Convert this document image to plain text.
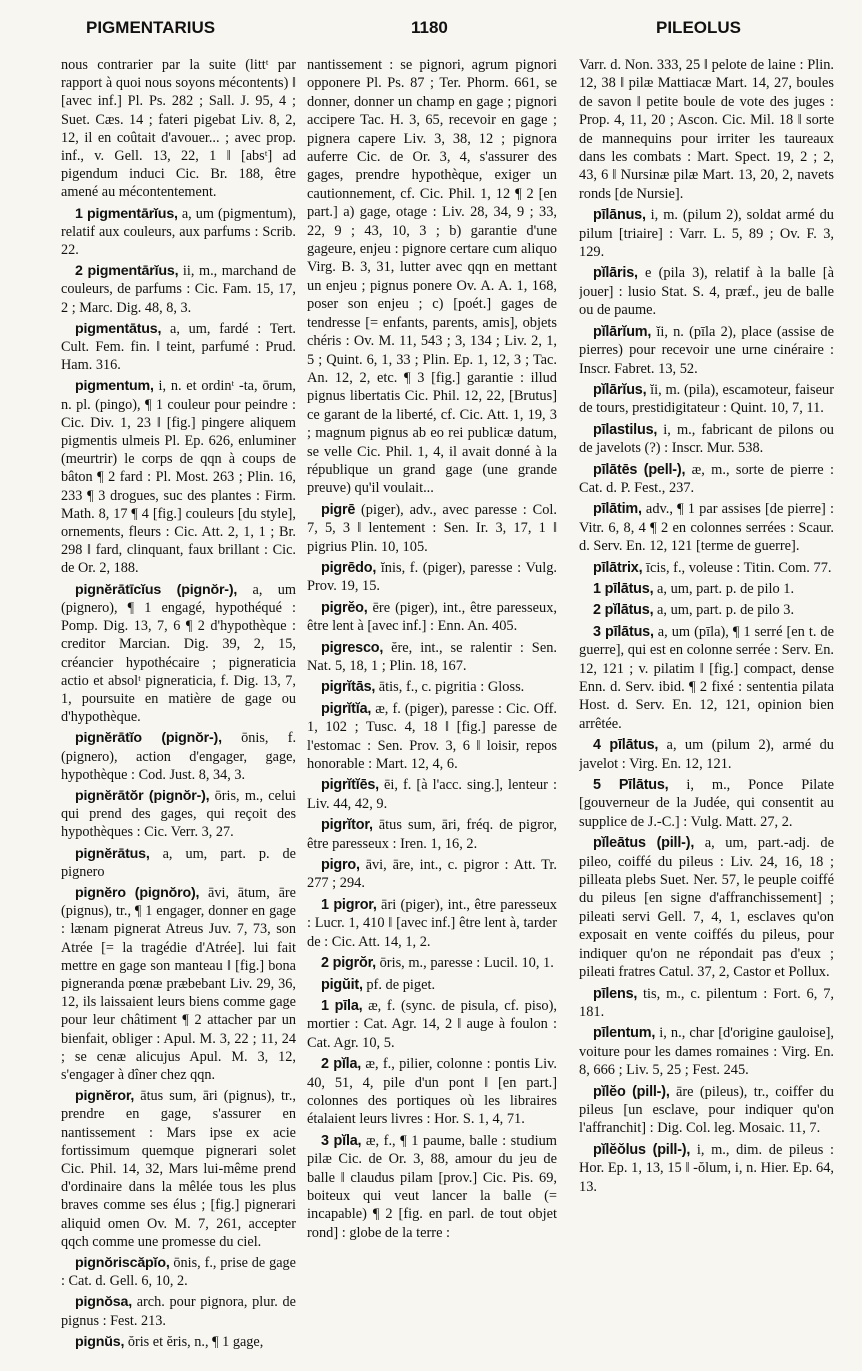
PIGMENTARIUS	1180	PILEOLUS

nous contrarier par la suite (littᵗ par rapport à quoi nous soyons mécontents) ‖ [avec inf.] Pl. Ps. 282 ; Sall. J. 95, 4 ; Suet. Cæs. 14 ; fateri pigebat Liv. 8, 2, 12, il en coûtait d'avouer... ; avec prop. inf., v. Gell. 13, 22, 1 ‖ [absᵗ] ad pigendum induci Cic. Br. 188, être amené au mécontentement.

1 pigmentārĭus, a, um (pigmentum), relatif aux couleurs, aux parfums : Scrib. 22.

2 pigmentārĭus, ii, m., marchand de couleurs, de parfums : Cic. Fam. 15, 17, 2 ; Marc. Dig. 48, 8, 3.

pigmentātus, a, um, fardé : Tert. Cult. Fem. fin. ‖ teint, parfumé : Prud. Ham. 316.

pigmentum, i, n. et ordinᵗ -ta, ōrum, n. pl. (pingo), ¶ 1 couleur pour peindre : Cic. Div. 1, 23 ‖ [fig.] pingere aliquem pigmentis ulmeis Pl. Ep. 626, enluminer (meurtrir) le corps de qqn à coups de bâton ¶ 2 fard : Pl. Most. 263 ; Plin. 16, 233 ¶ 3 drogues, suc des plantes : Firm. Math. 8, 17 ¶ 4 [fig.] couleurs [du style], ornements, fleurs : Cic. Att. 2, 1, 1 ; Br. 298 ‖ fard, clinquant, faux brillant : Cic. de Or. 2, 188.

pignĕrātīcĭus (pignŏr-), a, um (pignero), ¶ 1 engagé, hypothéqué : Pomp. Dig. 13, 7, 6 ¶ 2 d'hypothèque : creditor Marcian. Dig. 39, 2, 15, créancier hypothécaire ; pigneraticia actio et absolᵗ pigneraticia, f. Dig. 13, 7, 1, poursuite en matière de gage ou d'hypothèque.

pignĕrātĭo (pignŏr-), ōnis, f. (pignero), action d'engager, gage, hypothèque : Cod. Just. 8, 34, 3.

pignĕrātŏr (pignŏr-), ōris, m., celui qui prend des gages, qui reçoit des hypothèques : Cic. Verr. 3, 27.

pignĕrātus, a, um, part. p. de pignero

pignĕro (pignŏro), āvi, ātum, āre (pignus), tr., ¶ 1 engager, donner en gage : lænam pignerat Atreus Juv. 7, 73, son Atrée [= la tragédie d'Atrée]. lui fait mettre en gage son manteau ‖ [fig.] bona pigneranda pœnæ præbebant Liv. 29, 36, 12, ils laissaient leurs biens comme gage pour leur châtiment ¶ 2 attacher par un bienfait, obliger : Apul. M. 3, 22 ; 11, 24 ; se cenæ alicujus Apul. M. 3, 12, s'engager à dîner chez qqn.

pignĕror, ātus sum, āri (pignus), tr., prendre en gage, s'assurer en nantissement : Mars ipse ex acie fortissimum quemque pignerari solet Cic. Phil. 14, 32, Mars lui-même prend d'ordinaire dans la mêlée tous les plus braves comme ses élus ; [fig.] pignerari aliquid omen Ov. M. 7, 261, accepter qqch comme une promesse du ciel.

pignŏriscăpĭo, ōnis, f., prise de gage : Cat. d. Gell. 6, 10, 2.

pignŏsa, arch. pour pignora, plur. de pignus : Fest. 213.

pignŭs, ŏris et ĕris, n., ¶ 1 gage,

nantissement : se pignori, agrum pignori opponere Pl. Ps. 87 ; Ter. Phorm. 661, se donner, donner un champ en gage ; pignori accipere Tac. H. 3, 65, recevoir en gage ; pignera capere Liv. 3, 38, 12 ; pignora auferre Cic. de Or. 3, 4, s'assurer des gages, prendre hypothèque, exiger un cautionnement, cf. Cic. Phil. 1, 12 ¶ 2 [en part.] a) gage, otage : Liv. 28, 34, 9 ; 33, 22, 9 ; 43, 10, 3 ; b) garantie d'une gageure, enjeu : pignore certare cum aliquo Virg. B. 3, 31, lutter avec qqn en mettant un enjeu ; pignus ponere Ov. A. A. 1, 168, poser son enjeu ; c) [poét.] gages de tendresse [= enfants, parents, amis], objets chéris : Ov. M. 11, 543 ; 3, 134 ; Liv. 2, 1, 5 ; Quint. 6, 1, 33 ; Plin. Ep. 1, 12, 3 ; Tac. An. 12, 2, etc. ¶ 3 [fig.] garantie : illud pignus libertatis Cic. Phil. 12, 22, [Brutus] ce garant de la liberté, cf. Cic. Att. 1, 19, 3 ; magnum pignus ab eo rei publicæ datum, se velle Cic. Phil. 1, 4, il avait donné à la république un grand gage (une grande preuve) qu'il voulait...

pigrē (piger), adv., avec paresse : Col. 7, 5, 3 ‖ lentement : Sen. Ir. 3, 17, 1 ‖ pigrius Plin. 10, 105.

pigrēdo, ĭnis, f. (piger), paresse : Vulg. Prov. 19, 15.

pigrĕo, ēre (piger), int., être paresseux, être lent à [avec inf.] : Enn. An. 405.

pigresco, ĕre, int., se ralentir : Sen. Nat. 5, 18, 1 ; Plin. 18, 167.

pigrĭtās, ātis, f., c. pigritia : Gloss.

pigrĭtĭa, æ, f. (piger), paresse : Cic. Off. 1, 102 ; Tusc. 4, 18 ‖ [fig.] paresse de l'estomac : Sen. Prov. 3, 6 ‖ loisir, repos honorable : Mart. 12, 4, 6.

pigrĭtĭēs, ēi, f. [à l'acc. sing.], lenteur : Liv. 44, 42, 9.

pigrĭtor, ātus sum, āri, fréq. de pigror, être paresseux : Iren. 1, 16, 2.

pigro, āvi, āre, int., c. pigror : Att. Tr. 277 ; 294.

1 pigror, āri (piger), int., être paresseux : Lucr. 1, 410 ‖ [avec inf.] être lent à, tarder de : Cic. Att. 14, 1, 2.

2 pigrŏr, ōris, m., paresse : Lucil. 10, 1.

pigŭit, pf. de piget.

1 pīla, æ, f. (sync. de pisula, cf. piso), mortier : Cat. Agr. 14, 2 ‖ auge à foulon : Cat. Agr. 10, 5.

2 pĭla, æ, f., pilier, colonne : pontis Liv. 40, 51, 4, pile d'un pont ‖ [en part.] colonnes des portiques où les libraires étalaient leurs livres : Hor. S. 1, 4, 71.

3 pĭla, æ, f., ¶ 1 paume, balle : studium pilæ Cic. de Or. 3, 88, amour du jeu de balle ‖ claudus pilam [prov.] Cic. Pis. 69, boiteux qui veut lancer la balle (= incapable) ¶ 2 [fig. en parl. de tout objet rond] : globe de la terre :

Varr. d. Non. 333, 25 ‖ pelote de laine : Plin. 12, 38 ‖ pilæ Mattiacæ Mart. 14, 27, boules de savon ‖ petite boule de vote des juges : Prop. 4, 11, 20 ; Ascon. Cic. Mil. 18 ‖ sorte de mannequins pour irriter les taureaux dans les combats : Mart. Spect. 19, 2 ; 2, 43, 6 ‖ Nursinæ pilæ Mart. 13, 20, 2, navets ronds [de Nursie].

pīlānus, i, m. (pilum 2), soldat armé du pilum [triaire] : Varr. L. 5, 89 ; Ov. F. 3, 129.

pĭlāris, e (pila 3), relatif à la balle [à jouer] : lusio Stat. S. 4, præf., jeu de balle ou de paume.

pĭlārĭum, ĭi, n. (pīla 2), place (assise de pierres) pour recevoir une urne cinéraire : Inscr. Fabret. 13, 52.

pĭlārĭus, ĭi, m. (pila), escamoteur, faiseur de tours, prestidigitateur : Quint. 10, 7, 11.

pīlastilus, i, m., fabricant de pilons ou de javelots (?) : Inscr. Mur. 538.

pīlātēs (pell-), æ, m., sorte de pierre : Cat. d. P. Fest., 237.

pīlātim, adv., ¶ 1 par assises [de pierre] : Vitr. 6, 8, 4 ¶ 2 en colonnes serrées : Scaur. d. Serv. En. 12, 121 [terme de guerre].

pīlātrix, īcis, f., voleuse : Titin. Com. 77.

1 pīlātus, a, um, part. p. de pilo 1.

2 pĭlātus, a, um, part. p. de pilo 3.

3 pīlātus, a, um (pīla), ¶ 1 serré [en t. de guerre], qui est en colonne serrée : Serv. En. 12, 121 ; v. pilatim ‖ [fig.] compact, dense Enn. d. Serv. ibid. ¶ 2 fixé : sententia pilata Host. d. Serv. En. 12, 121, opinion bien arrêtée.

4 pīlātus, a, um (pilum 2), armé du javelot : Virg. En. 12, 121.

5 Pīlātus, i, m., Ponce Pilate [gouverneur de la Judée, qui consentit au supplice de J.-C.] : Vulg. Matt. 27, 2.

pĭleātus (pill-), a, um, part.-adj. de pileo, coiffé du pileus : Liv. 24, 16, 18 ; pilleata plebs Suet. Ner. 57, le peuple coiffé du pileus [en signe d'affranchissement] ; pileati servi Gell. 7, 4, 1, esclaves qu'on exposait en vente coiffés du pileus, pour indiquer qu'on ne répondait pas d'eux ; pileati fratres Catul. 37, 2, Castor et Pollux.

pīlens, tis, m., c. pilentum : Fort. 6, 7, 181.

pīlentum, i, n., char [d'origine gauloise], voiture pour les dames romaines : Virg. En. 8, 666 ; Liv. 5, 25 ; Fest. 245.

pĭlĕo (pill-), āre (pileus), tr., coiffer du pileus [un esclave, pour indiquer qu'on l'affranchit] : Dig. Col. leg. Mosaic. 11, 7.

pĭlĕŏlus (pill-), i, m., dim. de pileus : Hor. Ep. 1, 13, 15 ‖ -ŏlum, i, n. Hier. Ep. 64, 13.
